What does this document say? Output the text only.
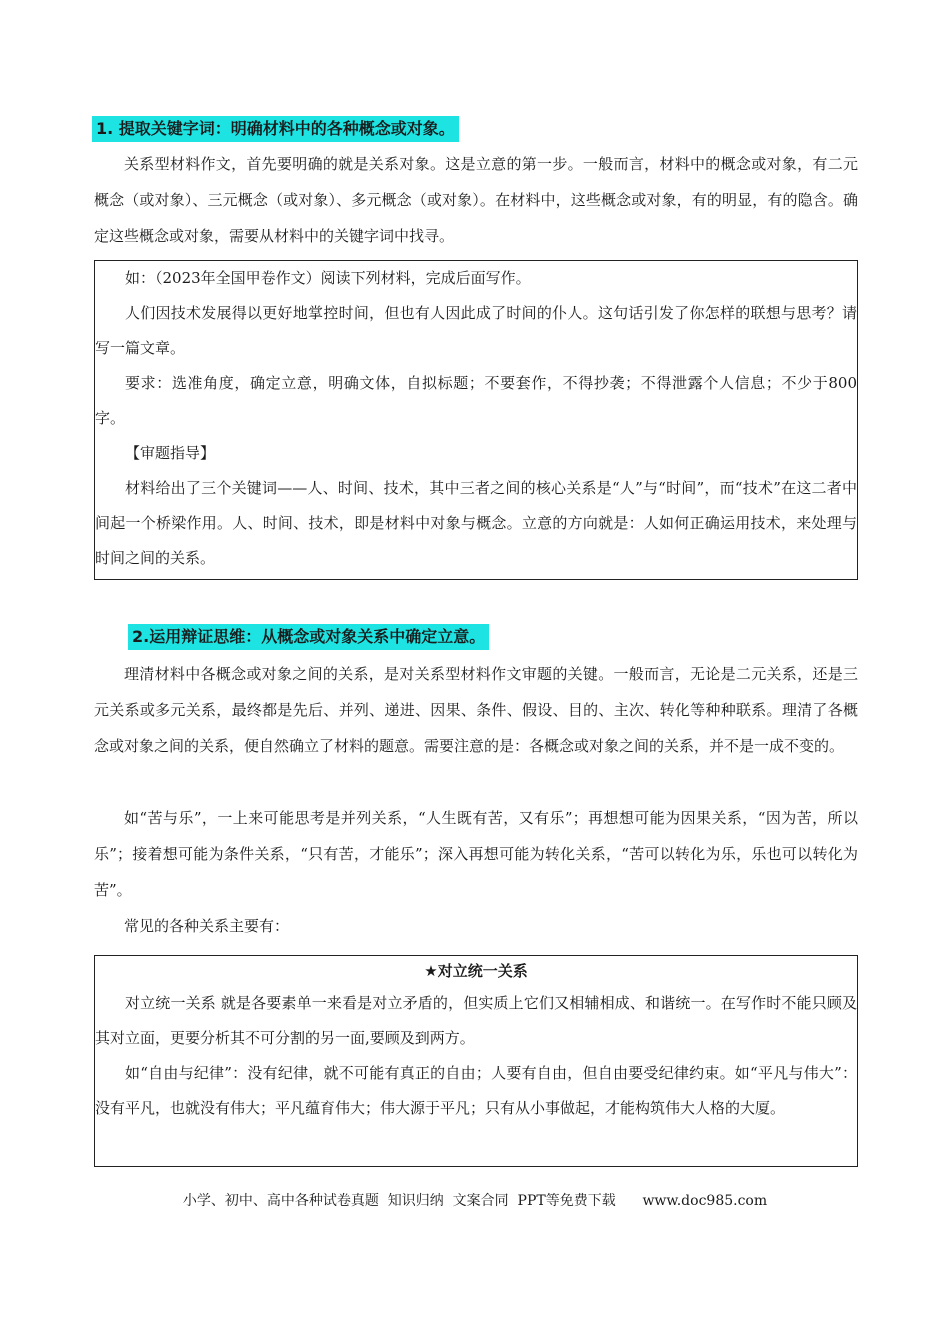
1. 提取关键字词：明确材料中的各种概念或对象。

关系型材料作文，首先要明确的就是关系对象。这是立意的第一步。一般而言，材料中的概念或对象，有二元概念（或对象）、三元概念（或对象）、多元概念（或对象）。在材料中，这些概念或对象，有的明显，有的隐含。确定这些概念或对象，需要从材料中的关键字词中找寻。

如：（2023年全国甲卷作文）阅读下列材料，完成后面写作。

人们因技术发展得以更好地掌控时间，但也有人因此成了时间的仆人。这句话引发了你怎样的联想与思考？请写一篇文章。

要求：选准角度，确定立意，明确文体，自拟标题；不要套作，不得抄袭；不得泄露个人信息；不少于800字。

【审题指导】

材料给出了三个关键词——人、时间、技术，其中三者之间的核心关系是“人”与“时间”，而“技术”在这二者中间起一个桥梁作用。人、时间、技术，即是材料中对象与概念。立意的方向就是：人如何正确运用技术，来处理与时间之间的关系。

2.运用辩证思维：从概念或对象关系中确定立意。

理清材料中各概念或对象之间的关系，是对关系型材料作文审题的关键。一般而言，无论是二元关系，还是三元关系或多元关系，最终都是先后、并列、递进、因果、条件、假设、目的、主次、转化等种种联系。理清了各概念或对象之间的关系，便自然确立了材料的题意。需要注意的是：各概念或对象之间的关系，并不是一成不变的。

如“苦与乐”，一上来可能思考是并列关系，“人生既有苦，又有乐”；再想想可能为因果关系，“因为苦，所以乐”；接着想可能为条件关系，“只有苦，才能乐”；深入再想可能为转化关系，“苦可以转化为乐，乐也可以转化为苦”。

常见的各种关系主要有：

★对立统一关系

对立统一关系 就是各要素单一来看是对立矛盾的，但实质上它们又相辅相成、和谐统一。在写作时不能只顾及其对立面，更要分析其不可分割的另一面,要顾及到两方。

如“自由与纪律”：没有纪律，就不可能有真正的自由；人要有自由，但自由要受纪律约束。如“平凡与伟大”：没有平凡，也就没有伟大；平凡蕴育伟大；伟大源于平凡；只有从小事做起，才能构筑伟大人格的大厦。

小学、初中、高中各种试卷真题  知识归纳  文案合同  PPT等免费下载      www.doc985.com
